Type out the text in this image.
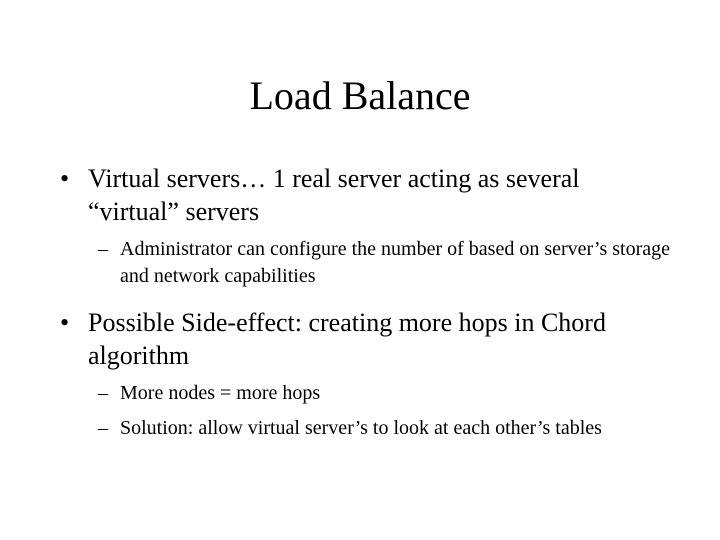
Load Balance
• Virtual servers… 1 real server acting as several “virtual” servers
– Administrator can configure the number of based on server’s storage and network capabilities
• Possible Side-effect: creating more hops in Chord algorithm
– More nodes = more hops
– Solution: allow virtual server’s to look at each other’s tables
